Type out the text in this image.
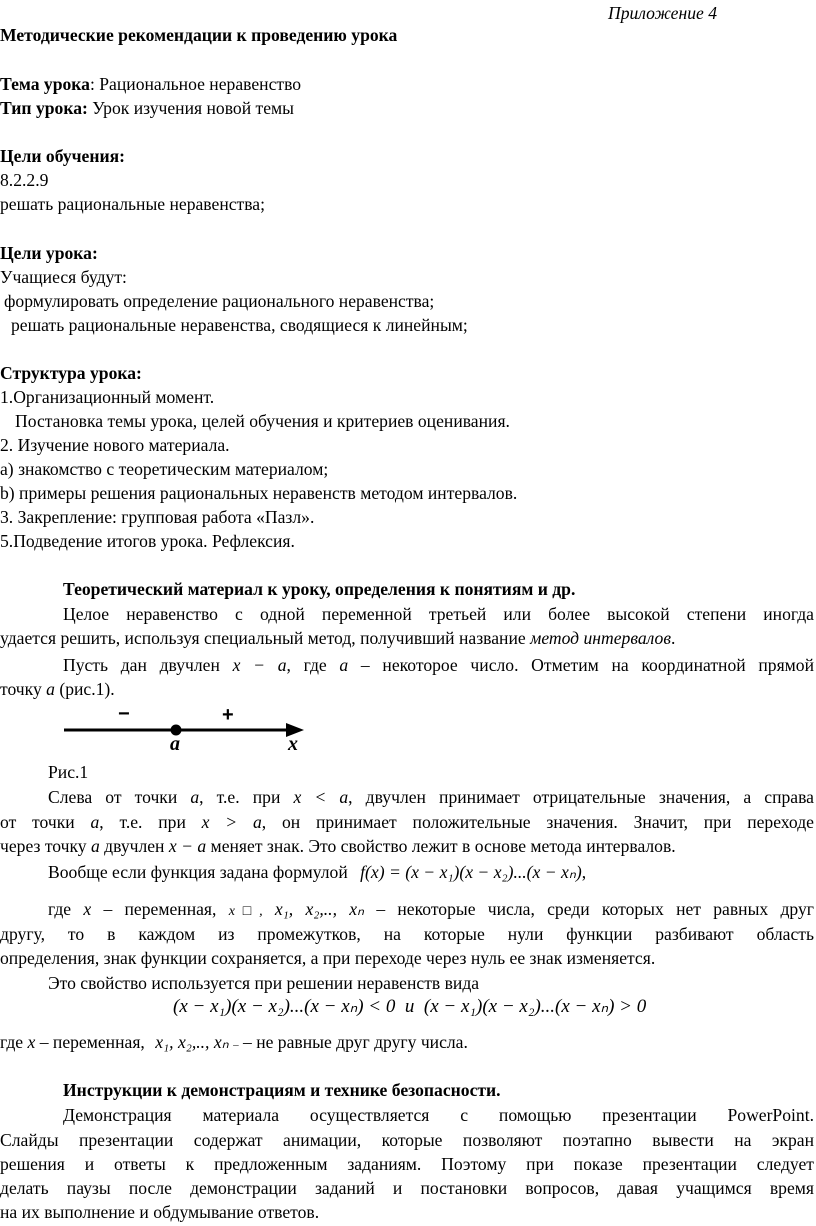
Приложение 4
Методические рекомендации к проведению урока
Тема урока: Рациональное неравенство
Тип урока: Урок изучения новой темы
Цели обучения:
8.2.2.9
решать рациональные неравенства;
Цели урока:
Учащиеся будут:
формулировать определение рационального неравенства;
решать рациональные неравенства, сводящиеся к линейным;
Структура урока:
1.Организационный момент.
Постановка темы урока, целей обучения и критериев оценивания.
2. Изучение нового материала.
a) знакомство с теоретическим материалом;
b) примеры решения рациональных неравенств методом интервалов.
3. Закрепление: групповая работа «Пазл».
5.Подведение итогов урока. Рефлексия.
Теоретический материал к уроку, определения к понятиям и др.
Целое неравенство с одной переменной третьей или более высокой степени иногда
удается решить, используя специальный метод, получивший название метод интервалов.
Пусть дан двучлен x − a, где a – некоторое число. Отметим на координатной прямой
точку a (рис.1).
−	+
a	x
Рис.1
Слева от точки a, т.е. при x < a, двучлен принимает отрицательные значения, а справа
от точки a, т.е. при x > a, он принимает положительные значения. Значит, при переходе
через точку a двучлен x − a меняет знак. Это свойство лежит в основе метода интервалов.
Вообще если функция задана формулой f(x) = (x − x₁)(x − x₂)...(x − xₙ),
где x – переменная, x□, x₁, x₂,.., xₙ – некоторые числа, среди которых нет равных друг
другу, то в каждом из промежутков, на которые нули функции разбивают область
определения, знак функции сохраняется, а при переходе через нуль ее знак изменяется.
Это свойство используется при решении неравенств вида
(x − x₁)(x − x₂)...(x − xₙ) < 0  и  (x − x₁)(x − x₂)...(x − xₙ) > 0
где x – переменная, x₁, x₂,.., xₙ – – не равные друг другу числа.
Инструкции к демонстрациям и технике безопасности.
Демонстрация материала осуществляется с помощью презентации PowerPoint.
Слайды презентации содержат анимации, которые позволяют поэтапно вывести на экран
решения и ответы к предложенным заданиям. Поэтому при показе презентации следует
делать паузы после демонстрации заданий и постановки вопросов, давая учащимся время
на их выполнение и обдумывание ответов.
